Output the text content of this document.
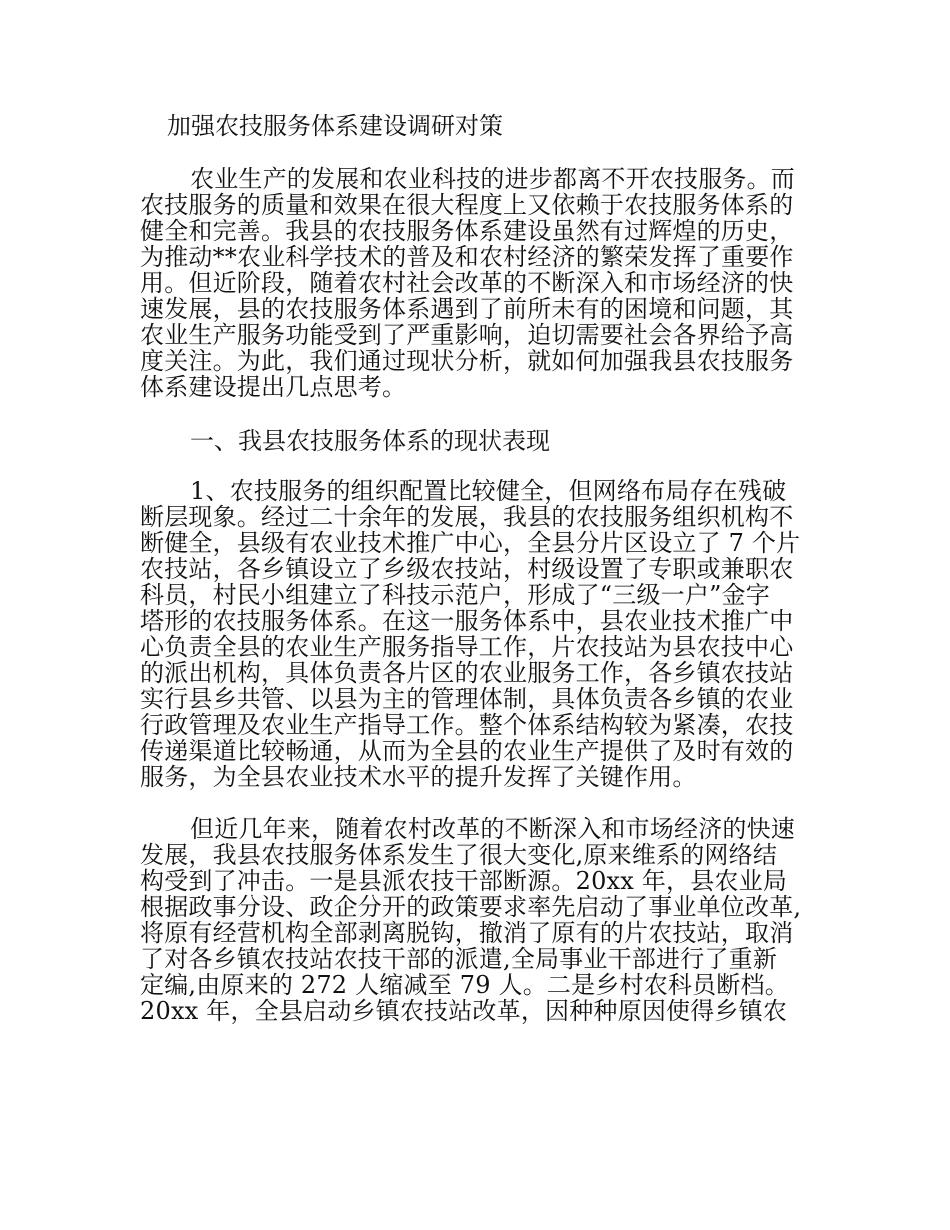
加强农技服务体系建设调研对策
农业生产的发展和农业科技的进步都离不开农技服务。而
农技服务的质量和效果在很大程度上又依赖于农技服务体系的
健全和完善。我县的农技服务体系建设虽然有过辉煌的历史，
为推动**农业科学技术的普及和农村经济的繁荣发挥了重要作
用。但近阶段，随着农村社会改革的不断深入和市场经济的快
速发展，县的农技服务体系遇到了前所未有的困境和问题，其
农业生产服务功能受到了严重影响，迫切需要社会各界给予高
度关注。为此，我们通过现状分析，就如何加强我县农技服务
体系建设提出几点思考。
一、我县农技服务体系的现状表现
1、农技服务的组织配置比较健全，但网络布局存在残破
断层现象。经过二十余年的发展，我县的农技服务组织机构不
断健全，县级有农业技术推广中心，全县分片区设立了 7 个片
农技站，各乡镇设立了乡级农技站，村级设置了专职或兼职农
科员，村民小组建立了科技示范户，形成了“三级一户”金字
塔形的农技服务体系。在这一服务体系中，县农业技术推广中
心负责全县的农业生产服务指导工作，片农技站为县农技中心
的派出机构，具体负责各片区的农业服务工作，各乡镇农技站
实行县乡共管、以县为主的管理体制，具体负责各乡镇的农业
行政管理及农业生产指导工作。整个体系结构较为紧凑，农技
传递渠道比较畅通，从而为全县的农业生产提供了及时有效的
服务，为全县农业技术水平的提升发挥了关键作用。
但近几年来，随着农村改革的不断深入和市场经济的快速
发展，我县农技服务体系发生了很大变化,原来维系的网络结
构受到了冲击。一是县派农技干部断源。20xx 年，县农业局
根据政事分设、政企分开的政策要求率先启动了事业单位改革,
将原有经营机构全部剥离脱钩，撤消了原有的片农技站，取消
了对各乡镇农技站农技干部的派遣,全局事业干部进行了重新
定编,由原来的 272 人缩减至 79 人。二是乡村农科员断档。
20xx 年，全县启动乡镇农技站改革，因种种原因使得乡镇农
